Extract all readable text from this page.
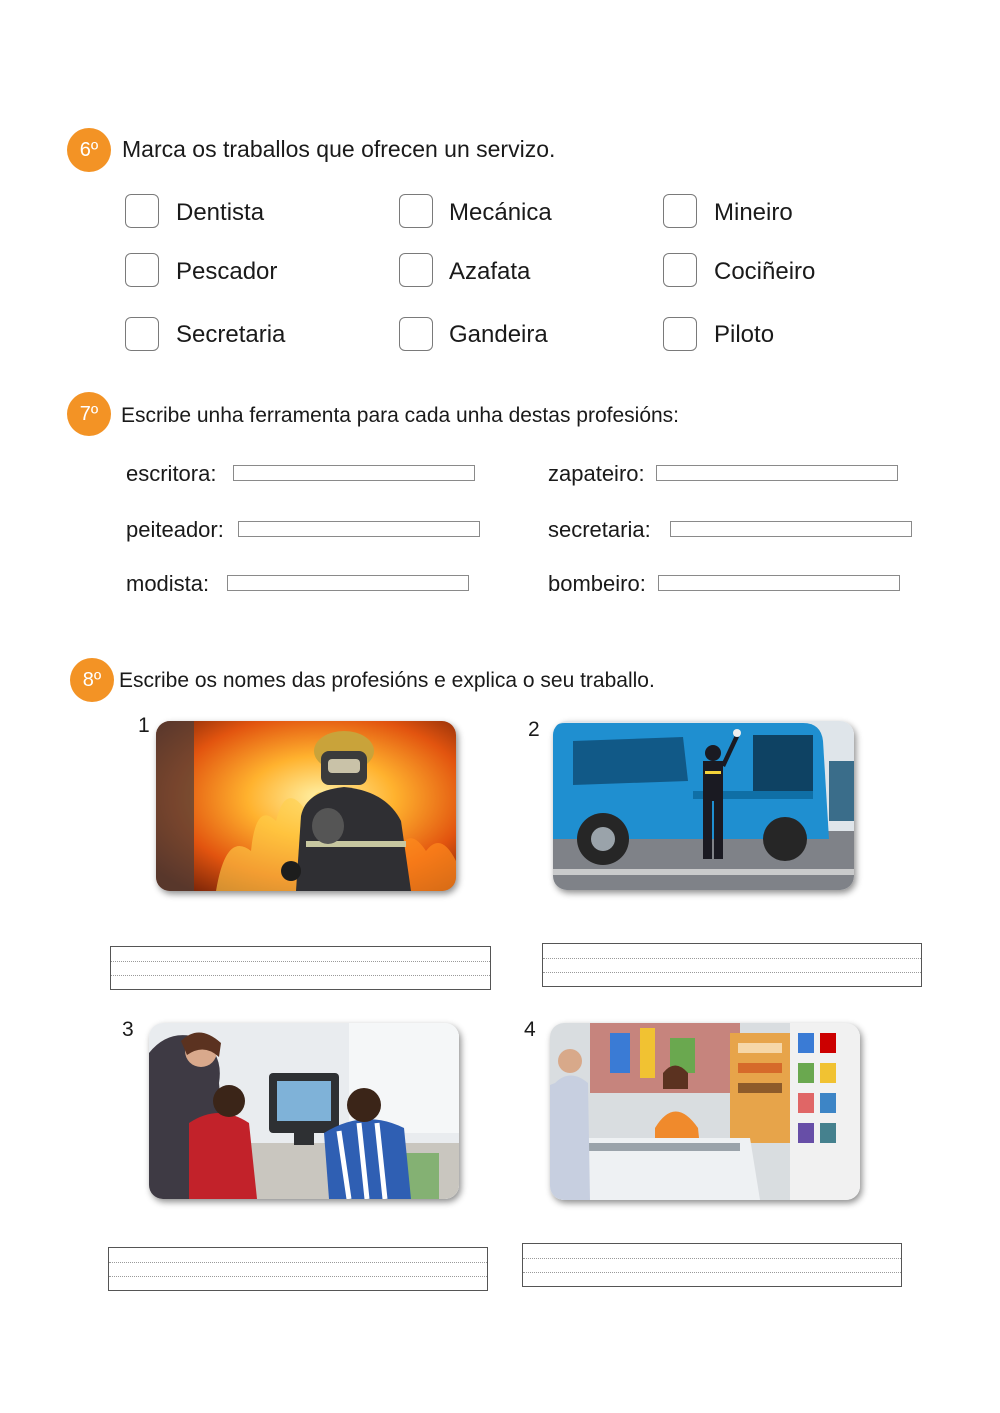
6º	Marca os traballos que ofrecen un servizo.
Dentista	Mecánica	Mineiro
Pescador	Azafata	Cociñeiro
Secretaria	Gandeira	Piloto
7º	Escribe unha ferramenta para cada unha destas profesións:
escritora:	zapateiro:
peiteador:	secretaria:
modista:	bombeiro:
8º Escribe os nomes das profesións e explica o seu traballo.
1	2
3	4
